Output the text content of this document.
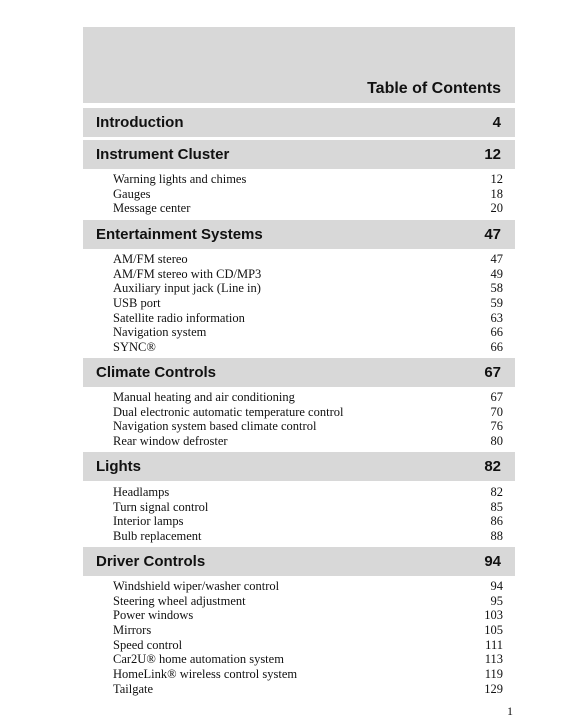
Table of Contents
Introduction	4
Instrument Cluster	12
Warning lights and chimes	12
Gauges	18
Message center	20
Entertainment Systems	47
AM/FM stereo	47
AM/FM stereo with CD/MP3	49
Auxiliary input jack (Line in)	58
USB port	59
Satellite radio information	63
Navigation system	66
SYNC®	66
Climate Controls	67
Manual heating and air conditioning	67
Dual electronic automatic temperature control	70
Navigation system based climate control	76
Rear window defroster	80
Lights	82
Headlamps	82
Turn signal control	85
Interior lamps	86
Bulb replacement	88
Driver Controls	94
Windshield wiper/washer control	94
Steering wheel adjustment	95
Power windows	103
Mirrors	105
Speed control	111
Car2U® home automation system	113
HomeLink® wireless control system	119
Tailgate	129
1
